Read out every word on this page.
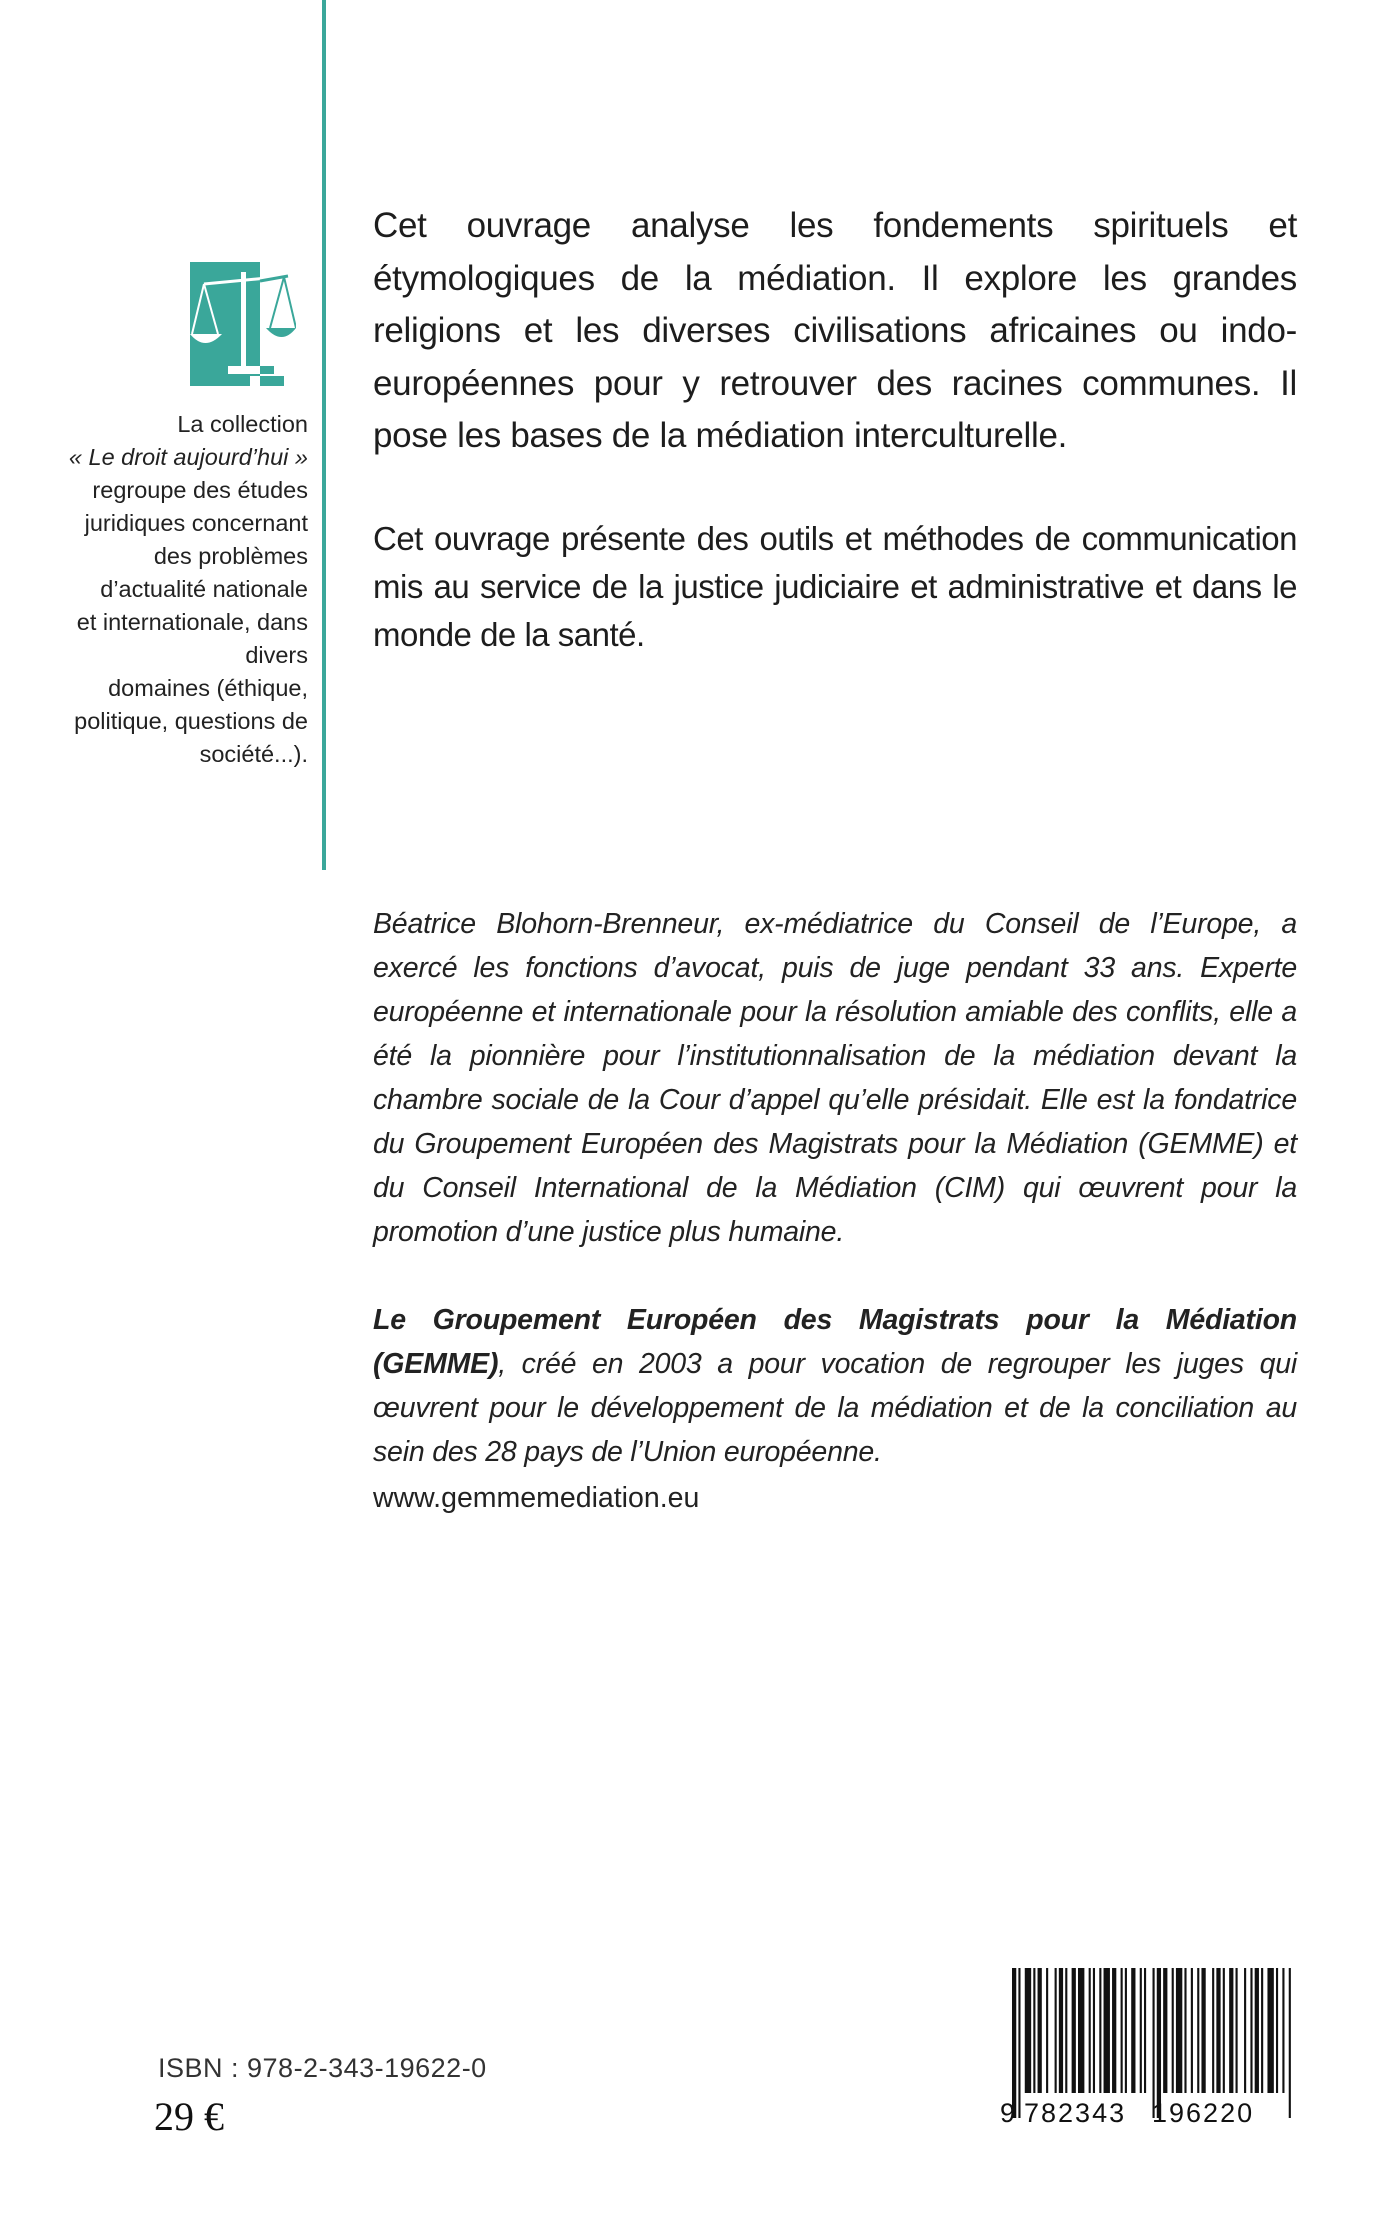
La collection
« Le droit aujourd’hui »
regroupe des études
juridiques concernant
des problèmes
d’actualité nationale
et internationale, dans
divers
domaines (éthique,
politique, questions de
société...).

Cet ouvrage analyse les fondements spirituels et étymologiques de la médiation. Il explore les grandes religions et les diverses civilisations africaines ou indo-européennes pour y retrouver des racines communes. Il pose les bases de la médiation interculturelle.

Cet ouvrage présente des outils et méthodes de communication mis au service de la justice judiciaire et administrative et dans le monde de la santé.

Béatrice Blohorn-Brenneur, ex-médiatrice du Conseil de l’Europe, a exercé les fonctions d’avocat, puis de juge pendant 33 ans. Experte européenne et internationale pour la résolution amiable des conflits, elle a été la pionnière pour l’institutionnalisation de la médiation devant la chambre sociale de la Cour d’appel qu’elle présidait. Elle est la fondatrice du Groupement Européen des Magistrats pour la Médiation (GEMME) et du Conseil International de la Médiation (CIM) qui œuvrent pour la promotion d’une justice plus humaine.

Le Groupement Européen des Magistrats pour la Médiation (GEMME), créé en 2003 a pour vocation de regrouper les juges qui œuvrent pour le développement de la médiation et de la conciliation au sein des 28 pays de l’Union européenne.

www.gemmemediation.eu
ISBN : 978-2-343-19622-0
29 €	9 782343 196220
